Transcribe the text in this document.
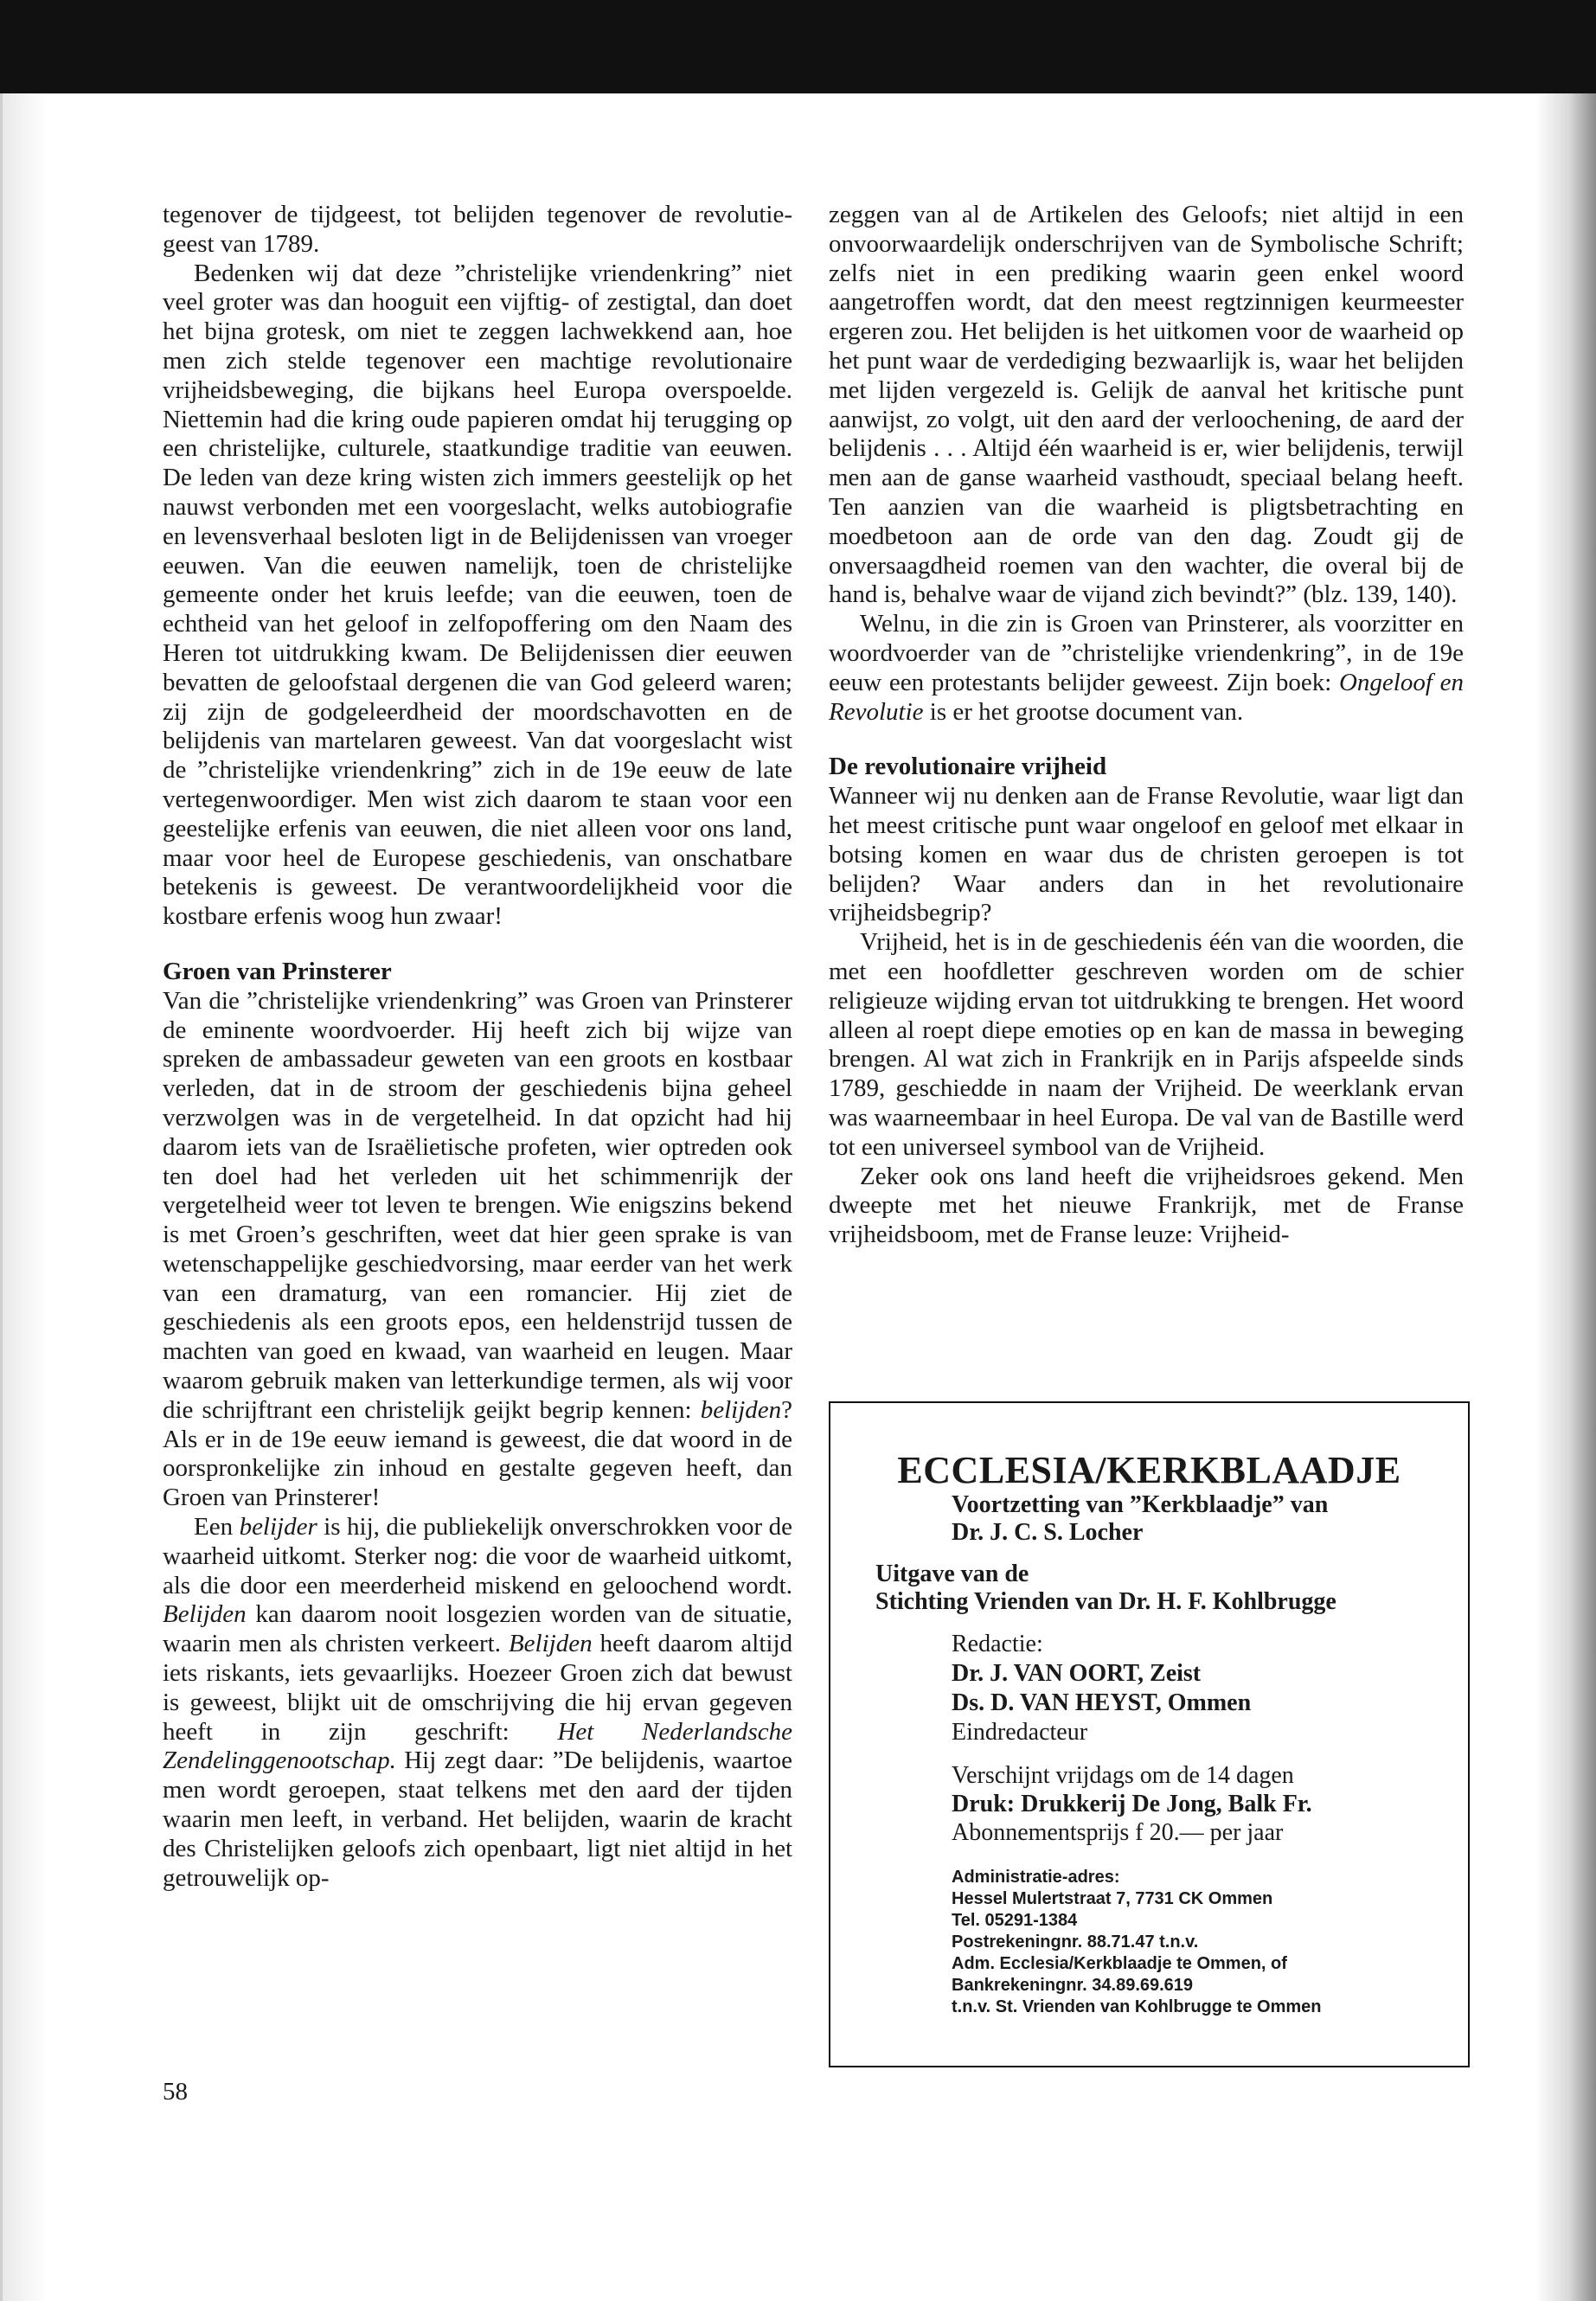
tegenover de tijdgeest, tot belijden tegenover de revolutie-geest van 1789.

Bedenken wij dat deze ”christelijke vriendenkring” niet veel groter was dan hooguit een vijftig- of zestigtal, dan doet het bijna grotesk, om niet te zeggen lachwekkend aan, hoe men zich stelde tegenover een machtige revolutionaire vrijheidsbeweging, die bijkans heel Europa overspoelde. Niettemin had die kring oude papieren omdat hij terugging op een christelijke, culturele, staatkundige traditie van eeuwen. De leden van deze kring wisten zich immers geestelijk op het nauwst verbonden met een voorgeslacht, welks autobiografie en levensverhaal besloten ligt in de Belijdenissen van vroeger eeuwen. Van die eeuwen namelijk, toen de christelijke gemeente onder het kruis leefde; van die eeuwen, toen de echtheid van het geloof in zelfopoffering om den Naam des Heren tot uitdrukking kwam. De Belijdenissen dier eeuwen bevatten de geloofstaal dergenen die van God geleerd waren; zij zijn de godgeleerdheid der moordschavotten en de belijdenis van martelaren geweest. Van dat voorgeslacht wist de ”christelijke vriendenkring” zich in de 19e eeuw de late vertegenwoordiger. Men wist zich daarom te staan voor een geestelijke erfenis van eeuwen, die niet alleen voor ons land, maar voor heel de Europese geschiedenis, van onschatbare betekenis is geweest. De verantwoordelijkheid voor die kostbare erfenis woog hun zwaar!

Groen van Prinsterer

Van die ”christelijke vriendenkring” was Groen van Prinsterer de eminente woordvoerder. Hij heeft zich bij wijze van spreken de ambassadeur geweten van een groots en kostbaar verleden, dat in de stroom der geschiedenis bijna geheel verzwolgen was in de vergetelheid. In dat opzicht had hij daarom iets van de Israëlietische profeten, wier optreden ook ten doel had het verleden uit het schimmenrijk der vergetelheid weer tot leven te brengen. Wie enigszins bekend is met Groen’s geschriften, weet dat hier geen sprake is van wetenschappelijke geschiedvorsing, maar eerder van het werk van een dramaturg, van een romancier. Hij ziet de geschiedenis als een groots epos, een heldenstrijd tussen de machten van goed en kwaad, van waarheid en leugen. Maar waarom gebruik maken van letterkundige termen, als wij voor die schrijftrant een christelijk geijkt begrip kennen: belijden? Als er in de 19e eeuw iemand is geweest, die dat woord in de oorspronkelijke zin inhoud en gestalte gegeven heeft, dan Groen van Prinsterer!

Een belijder is hij, die publiekelijk onverschrokken voor de waarheid uitkomt. Sterker nog: die voor de waarheid uitkomt, als die door een meerderheid miskend en geloochend wordt. Belijden kan daarom nooit losgezien worden van de situatie, waarin men als christen verkeert. Belijden heeft daarom altijd iets riskants, iets gevaarlijks. Hoezeer Groen zich dat bewust is geweest, blijkt uit de omschrijving die hij ervan gegeven heeft in zijn geschrift: Het Nederlandsche Zendelinggenootschap. Hij zegt daar: ”De belijdenis, waartoe men wordt geroepen, staat telkens met den aard der tijden waarin men leeft, in verband. Het belijden, waarin de kracht des Christelijken geloofs zich openbaart, ligt niet altijd in het getrouwelijk op-

58

zeggen van al de Artikelen des Geloofs; niet altijd in een onvoorwaardelijk onderschrijven van de Symbolische Schrift; zelfs niet in een prediking waarin geen enkel woord aangetroffen wordt, dat den meest regtzinnigen keurmeester ergeren zou. Het belijden is het uitkomen voor de waarheid op het punt waar de verdediging bezwaarlijk is, waar het belijden met lijden vergezeld is. Gelijk de aanval het kritische punt aanwijst, zo volgt, uit den aard der verloochening, de aard der belijdenis . . . Altijd één waarheid is er, wier belijdenis, terwijl men aan de ganse waarheid vasthoudt, speciaal belang heeft. Ten aanzien van die waarheid is pligtsbetrachting en moedbetoon aan de orde van den dag. Zoudt gij de onversaagdheid roemen van den wachter, die overal bij de hand is, behalve waar de vijand zich bevindt?” (blz. 139, 140).

Welnu, in die zin is Groen van Prinsterer, als voorzitter en woordvoerder van de ”christelijke vriendenkring”, in de 19e eeuw een protestants belijder geweest. Zijn boek: Ongeloof en Revolutie is er het grootse document van.

De revolutionaire vrijheid

Wanneer wij nu denken aan de Franse Revolutie, waar ligt dan het meest critische punt waar ongeloof en geloof met elkaar in botsing komen en waar dus de christen geroepen is tot belijden? Waar anders dan in het revolutionaire vrijheidsbegrip?

Vrijheid, het is in de geschiedenis één van die woorden, die met een hoofdletter geschreven worden om de schier religieuze wijding ervan tot uitdrukking te brengen. Het woord alleen al roept diepe emoties op en kan de massa in beweging brengen. Al wat zich in Frankrijk en in Parijs afspeelde sinds 1789, geschiedde in naam der Vrijheid. De weerklank ervan was waarneembaar in heel Europa. De val van de Bastille werd tot een universeel symbool van de Vrijheid.

Zeker ook ons land heeft die vrijheidsroes gekend. Men dweepte met het nieuwe Frankrijk, met de Franse vrijheidsboom, met de Franse leuze: Vrijheid-

ECCLESIA/KERKBLAADJE
Voortzetting van ”Kerkblaadje” van
Dr. J. C. S. Locher
Uitgave van de
Stichting Vrienden van Dr. H. F. Kohlbrugge
Redactie:
Dr. J. VAN OORT, Zeist
Ds. D. VAN HEYST, Ommen
Eindredacteur
Verschijnt vrijdags om de 14 dagen
Druk: Drukkerij De Jong, Balk Fr.
Abonnementsprijs f 20.— per jaar
Administratie-adres:
Hessel Mulertstraat 7, 7731 CK Ommen
Tel. 05291-1384
Postrekeningnr. 88.71.47 t.n.v.
Adm. Ecclesia/Kerkblaadje te Ommen, of
Bankrekeningnr. 34.89.69.619
t.n.v. St. Vrienden van Kohlbrugge te Ommen
